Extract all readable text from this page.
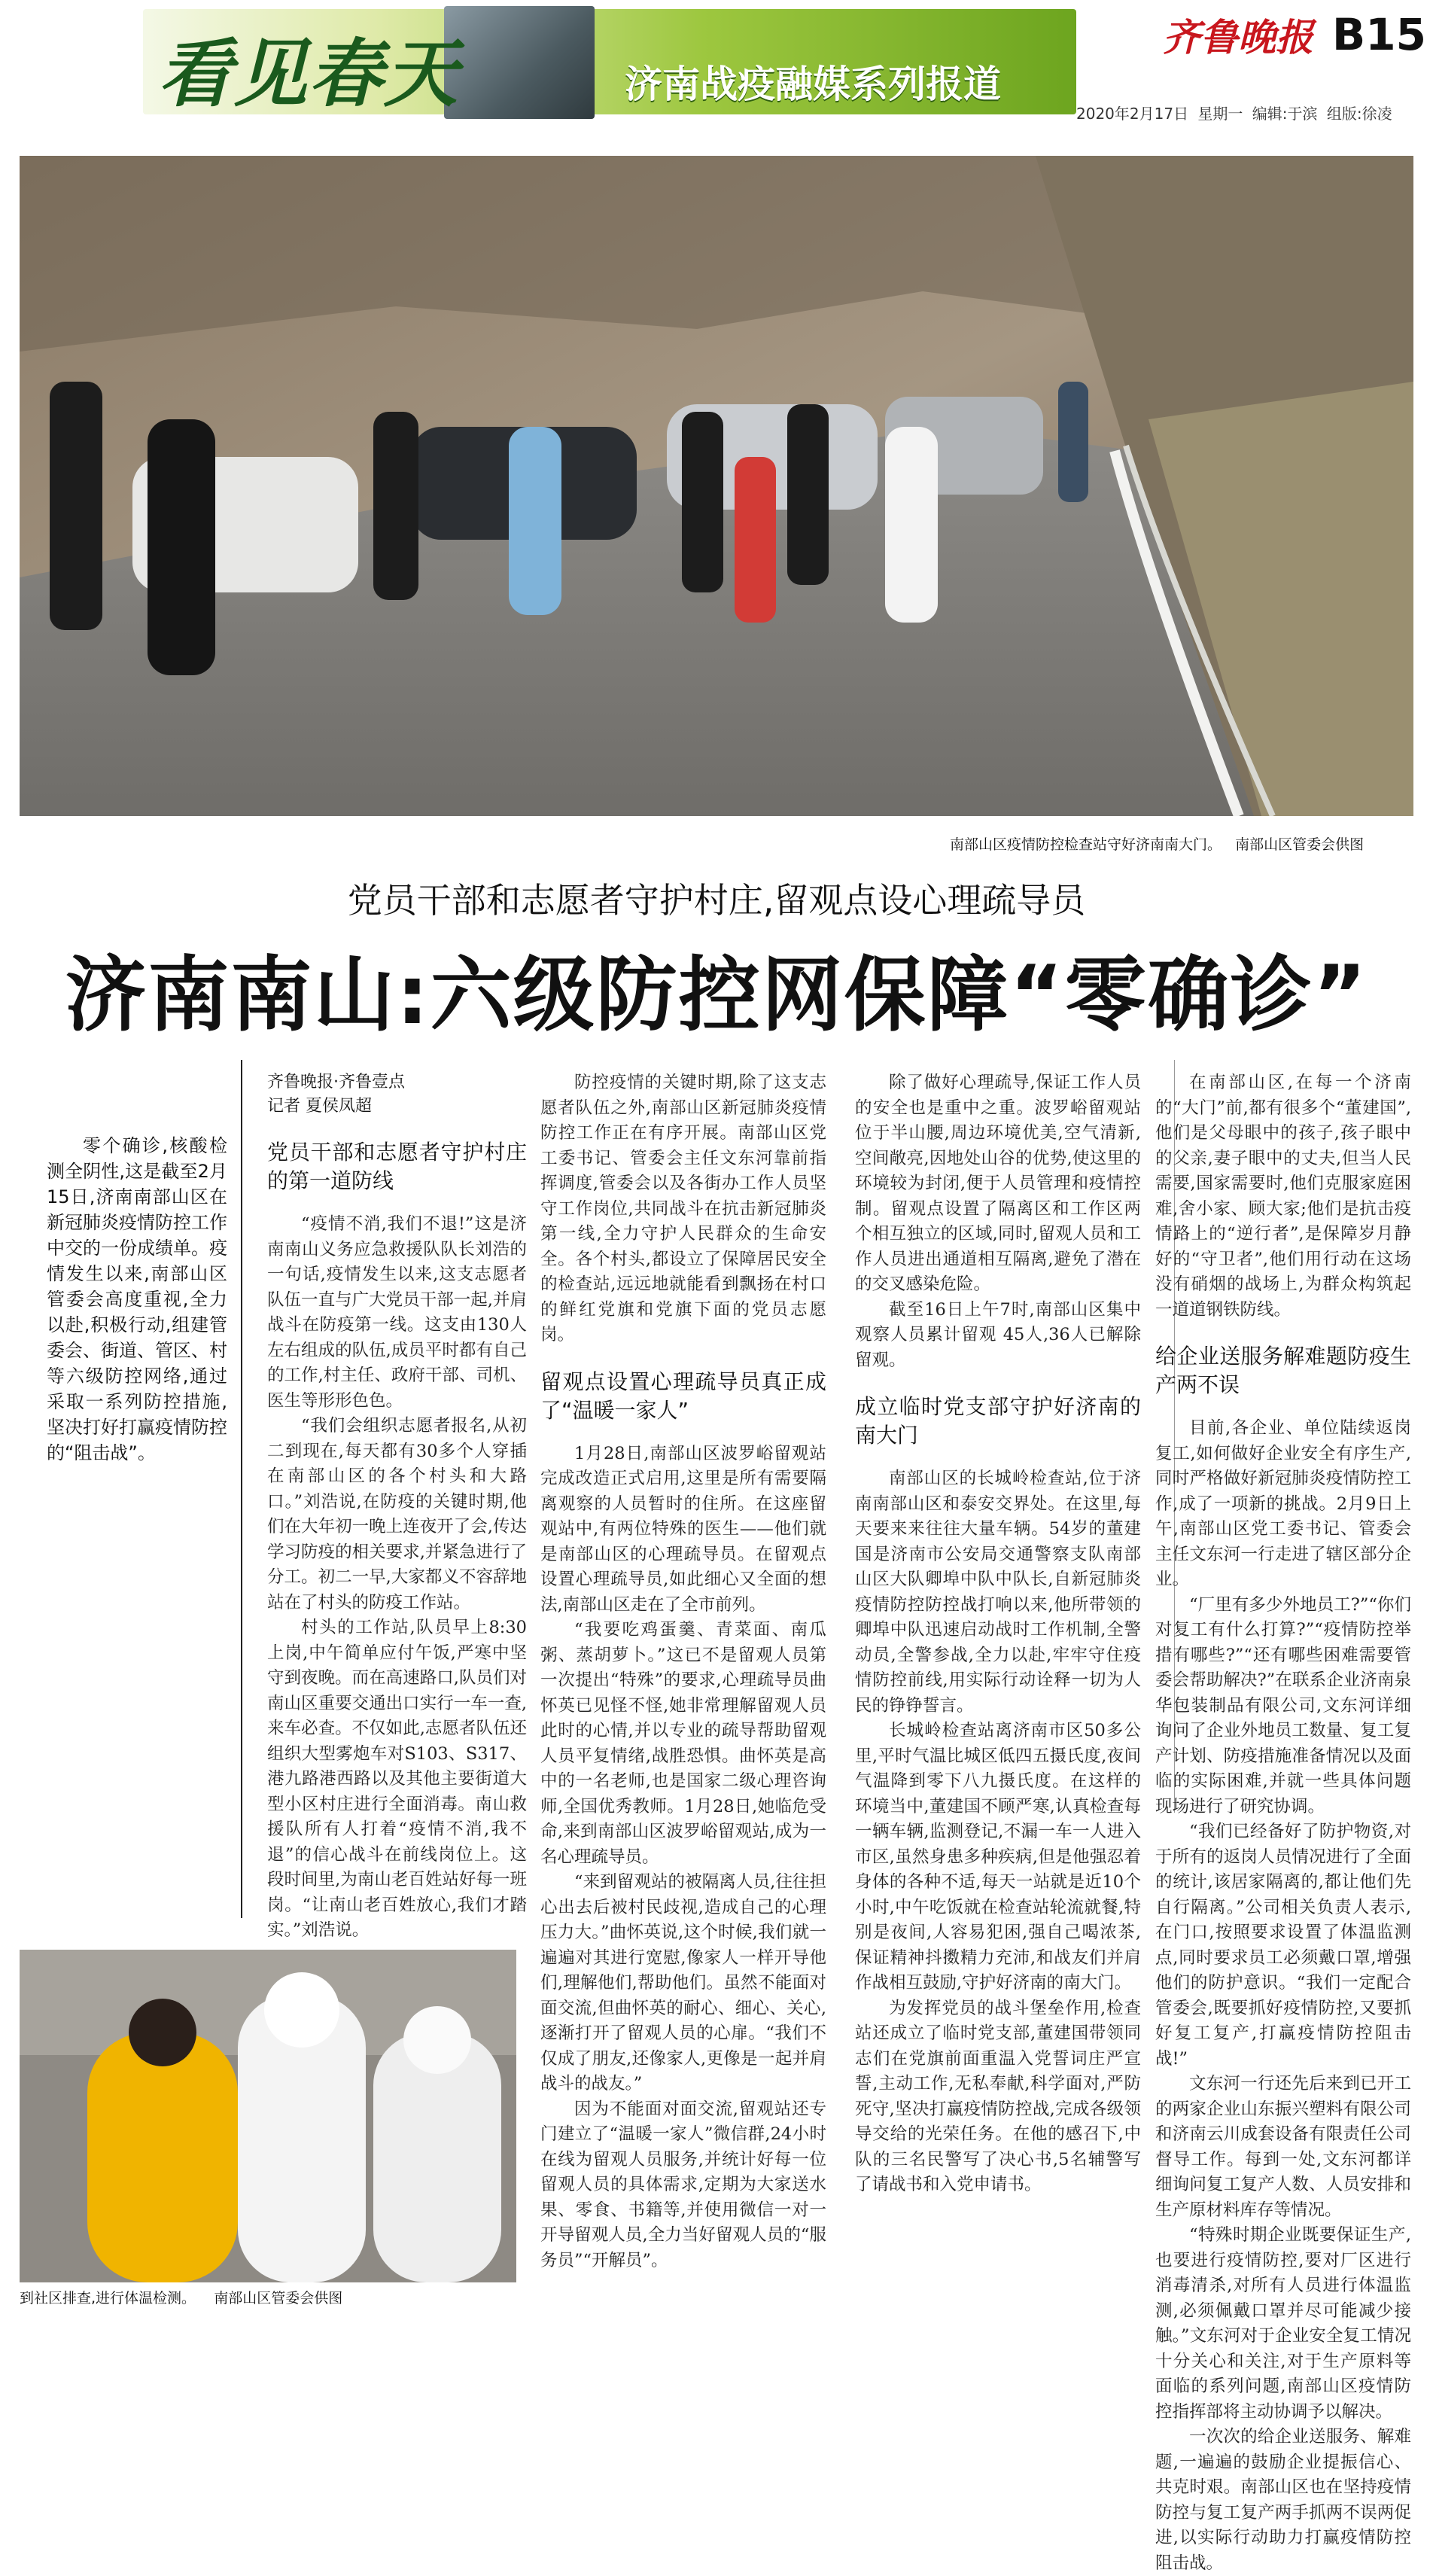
看见春天	济南战疫融媒系列报道
齐鲁晚报 B15
2020年2月17日 星期一 编辑:于滨 组版:徐凌
南部山区疫情防控检查站守好济南南大门。 南部山区管委会供图
党员干部和志愿者守护村庄,留观点设心理疏导员
济南南山:六级防控网保障“零确诊”

零个确诊,核酸检测全阴性,这是截至2月15日,济南南部山区在新冠肺炎疫情防控工作中交的一份成绩单。疫情发生以来,南部山区管委会高度重视,全力以赴,积极行动,组建管委会、街道、管区、村等六级防控网络,通过采取一系列防控措施,坚决打好打赢疫情防控的“阻击战”。

齐鲁晚报·齐鲁壹点
记者 夏侯凤超
党员干部和志愿者守护村庄的第一道防线

“疫情不消,我们不退!”这是济南南山义务应急救援队队长刘浩的一句话,疫情发生以来,这支志愿者队伍一直与广大党员干部一起,并肩战斗在防疫第一线。这支由130人左右组成的队伍,成员平时都有自己的工作,村主任、政府干部、司机、医生等形形色色。

“我们会组织志愿者报名,从初二到现在,每天都有30多个人穿插在南部山区的各个村头和大路口。”刘浩说,在防疫的关键时期,他们在大年初一晚上连夜开了会,传达学习防疫的相关要求,并紧急进行了分工。初二一早,大家都义不容辞地站在了村头的防疫工作站。

村头的工作站,队员早上8:30上岗,中午简单应付午饭,严寒中坚守到夜晚。而在高速路口,队员们对南山区重要交通出口实行一车一查,来车必查。不仅如此,志愿者队伍还组织大型雾炮车对S103、S317、港九路港西路以及其他主要街道大型小区村庄进行全面消毒。南山救援队所有人打着“疫情不消,我不退”的信心战斗在前线岗位上。这段时间里,为南山老百姓站好每一班岗。“让南山老百姓放心,我们才踏实。”刘浩说。

防控疫情的关键时期,除了这支志愿者队伍之外,南部山区新冠肺炎疫情防控工作正在有序开展。南部山区党工委书记、管委会主任文东河靠前指挥调度,管委会以及各街办工作人员坚守工作岗位,共同战斗在抗击新冠肺炎第一线,全力守护人民群众的生命安全。各个村头,都设立了保障居民安全的检查站,远远地就能看到飘扬在村口的鲜红党旗和党旗下面的党员志愿岗。

留观点设置心理疏导员真正成了“温暖一家人”

1月28日,南部山区波罗峪留观站完成改造正式启用,这里是所有需要隔离观察的人员暂时的住所。在这座留观站中,有两位特殊的医生——他们就是南部山区的心理疏导员。在留观点设置心理疏导员,如此细心又全面的想法,南部山区走在了全市前列。

“我要吃鸡蛋羹、青菜面、南瓜粥、蒸胡萝卜。”这已不是留观人员第一次提出“特殊”的要求,心理疏导员曲怀英已见怪不怪,她非常理解留观人员此时的心情,并以专业的疏导帮助留观人员平复情绪,战胜恐惧。曲怀英是高中的一名老师,也是国家二级心理咨询师,全国优秀教师。1月28日,她临危受命,来到南部山区波罗峪留观站,成为一名心理疏导员。

“来到留观站的被隔离人员,往往担心出去后被村民歧视,造成自己的心理压力大。”曲怀英说,这个时候,我们就一遍遍对其进行宽慰,像家人一样开导他们,理解他们,帮助他们。虽然不能面对面交流,但曲怀英的耐心、细心、关心,逐渐打开了留观人员的心扉。“我们不仅成了朋友,还像家人,更像是一起并肩战斗的战友。”

因为不能面对面交流,留观站还专门建立了“温暖一家人”微信群,24小时在线为留观人员服务,并统计好每一位留观人员的具体需求,定期为大家送水果、零食、书籍等,并使用微信一对一开导留观人员,全力当好留观人员的“服务员”“开解员”。

除了做好心理疏导,保证工作人员的安全也是重中之重。波罗峪留观站位于半山腰,周边环境优美,空气清新,空间敞亮,因地处山谷的优势,使这里的环境较为封闭,便于人员管理和疫情控制。留观点设置了隔离区和工作区两个相互独立的区域,同时,留观人员和工作人员进出通道相互隔离,避免了潜在的交叉感染危险。

截至16日上午7时,南部山区集中观察人员累计留观 45人,36人已解除留观。

成立临时党支部守护好济南的南大门

南部山区的长城岭检查站,位于济南南部山区和泰安交界处。在这里,每天要来来往往大量车辆。54岁的董建国是济南市公安局交通警察支队南部山区大队卿埠中队中队长,自新冠肺炎疫情防控防控战打响以来,他所带领的卿埠中队迅速启动战时工作机制,全警动员,全警参战,全力以赴,牢牢守住疫情防控前线,用实际行动诠释一切为人民的铮铮誓言。

长城岭检查站离济南市区50多公里,平时气温比城区低四五摄氏度,夜间气温降到零下八九摄氏度。在这样的环境当中,董建国不顾严寒,认真检查每一辆车辆,监测登记,不漏一车一人进入市区,虽然身患多种疾病,但是他强忍着身体的各种不适,每天一站就是近10个小时,中午吃饭就在检查站轮流就餐,特别是夜间,人容易犯困,强自己喝浓茶,保证精神抖擞精力充沛,和战友们并肩作战相互鼓励,守护好济南的南大门。

为发挥党员的战斗堡垒作用,检查站还成立了临时党支部,董建国带领同志们在党旗前面重温入党誓词庄严宣誓,主动工作,无私奉献,科学面对,严防死守,坚决打赢疫情防控战,完成各级领导交给的光荣任务。在他的感召下,中队的三名民警写了决心书,5名辅警写了请战书和入党申请书。

在南部山区,在每一个济南的“大门”前,都有很多个“董建国”,他们是父母眼中的孩子,孩子眼中的父亲,妻子眼中的丈夫,但当人民需要,国家需要时,他们克服家庭困难,舍小家、顾大家;他们是抗击疫情路上的“逆行者”,是保障岁月静好的“守卫者”,他们用行动在这场没有硝烟的战场上,为群众构筑起一道道钢铁防线。

给企业送服务解难题防疫生产两不误

目前,各企业、单位陆续返岗复工,如何做好企业安全有序生产,同时严格做好新冠肺炎疫情防控工作,成了一项新的挑战。2月9日上午,南部山区党工委书记、管委会主任文东河一行走进了辖区部分企业。

“厂里有多少外地员工?”“你们对复工有什么打算?”“疫情防控举措有哪些?”“还有哪些困难需要管委会帮助解决?”在联系企业济南泉华包装制品有限公司,文东河详细询问了企业外地员工数量、复工复产计划、防疫措施准备情况以及面临的实际困难,并就一些具体问题现场进行了研究协调。

“我们已经备好了防护物资,对于所有的返岗人员情况进行了全面的统计,该居家隔离的,都让他们先自行隔离。”公司相关负责人表示,在门口,按照要求设置了体温监测点,同时要求员工必须戴口罩,增强他们的防护意识。“我们一定配合管委会,既要抓好疫情防控,又要抓好复工复产,打赢疫情防控阻击战!”

文东河一行还先后来到已开工的两家企业山东振兴塑料有限公司和济南云川成套设备有限责任公司督导工作。每到一处,文东河都详细询问复工复产人数、人员安排和生产原材料库存等情况。

“特殊时期企业既要保证生产,也要进行疫情防控,要对厂区进行消毒清杀,对所有人员进行体温监测,必须佩戴口罩并尽可能减少接触。”文东河对于企业安全复工情况十分关心和关注,对于生产原料等面临的系列问题,南部山区疫情防控指挥部将主动协调予以解决。

一次次的给企业送服务、解难题,一遍遍的鼓励企业提振信心、共克时艰。南部山区也在坚持疫情防控与复工复产两手抓两不误两促进,以实际行动助力打赢疫情防控阻击战。

到社区排查,进行体温检测。 南部山区管委会供图
